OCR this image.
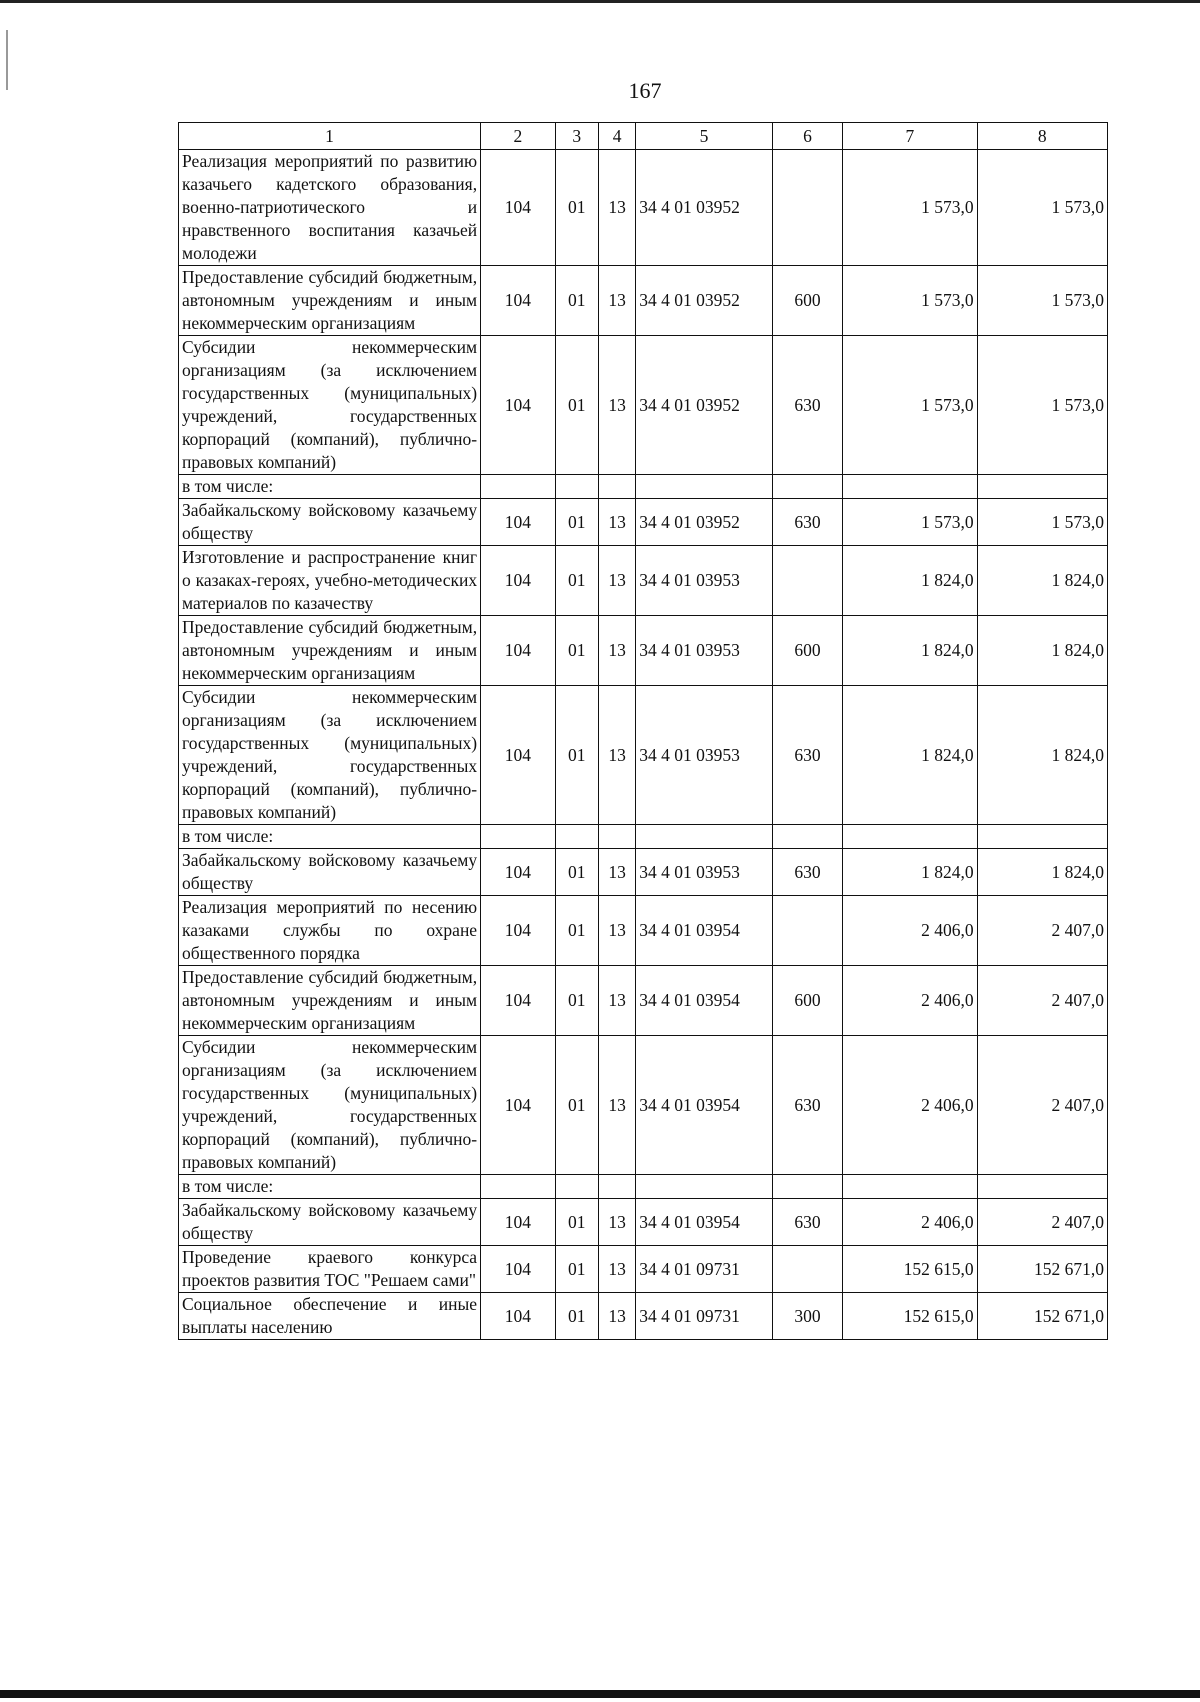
167
1	2	3	4	5	6	7	8
Реализация мероприятий по развитию казачьего кадетского образования, военно-патриотического и нравственного воспитания казачьей молодежи	104	01	13	34 4 01 03952		1 573,0	1 573,0
Предоставление субсидий бюджетным, автономным учреждениям и иным некоммерческим организациям	104	01	13	34 4 01 03952	600	1 573,0	1 573,0
Субсидии некоммерческим организациям (за исключением государственных (муниципальных) учреждений, государственных корпораций (компаний), публично-правовых компаний)	104	01	13	34 4 01 03952	630	1 573,0	1 573,0
в том числе:							
Забайкальскому войсковому казачьему обществу	104	01	13	34 4 01 03952	630	1 573,0	1 573,0
Изготовление и распространение книг о казаках-героях, учебно-методических материалов по казачеству	104	01	13	34 4 01 03953		1 824,0	1 824,0
Предоставление субсидий бюджетным, автономным учреждениям и иным некоммерческим организациям	104	01	13	34 4 01 03953	600	1 824,0	1 824,0
Субсидии некоммерческим организациям (за исключением государственных (муниципальных) учреждений, государственных корпораций (компаний), публично-правовых компаний)	104	01	13	34 4 01 03953	630	1 824,0	1 824,0
в том числе:							
Забайкальскому войсковому казачьему обществу	104	01	13	34 4 01 03953	630	1 824,0	1 824,0
Реализация мероприятий по несению казаками службы по охране общественного порядка	104	01	13	34 4 01 03954		2 406,0	2 407,0
Предоставление субсидий бюджетным, автономным учреждениям и иным некоммерческим организациям	104	01	13	34 4 01 03954	600	2 406,0	2 407,0
Субсидии некоммерческим организациям (за исключением государственных (муниципальных) учреждений, государственных корпораций (компаний), публично-правовых компаний)	104	01	13	34 4 01 03954	630	2 406,0	2 407,0
в том числе:							
Забайкальскому войсковому казачьему обществу	104	01	13	34 4 01 03954	630	2 406,0	2 407,0
Проведение краевого конкурса проектов развития ТОС "Решаем сами"	104	01	13	34 4 01 09731		152 615,0	152 671,0
Социальное обеспечение и иные выплаты населению	104	01	13	34 4 01 09731	300	152 615,0	152 671,0
